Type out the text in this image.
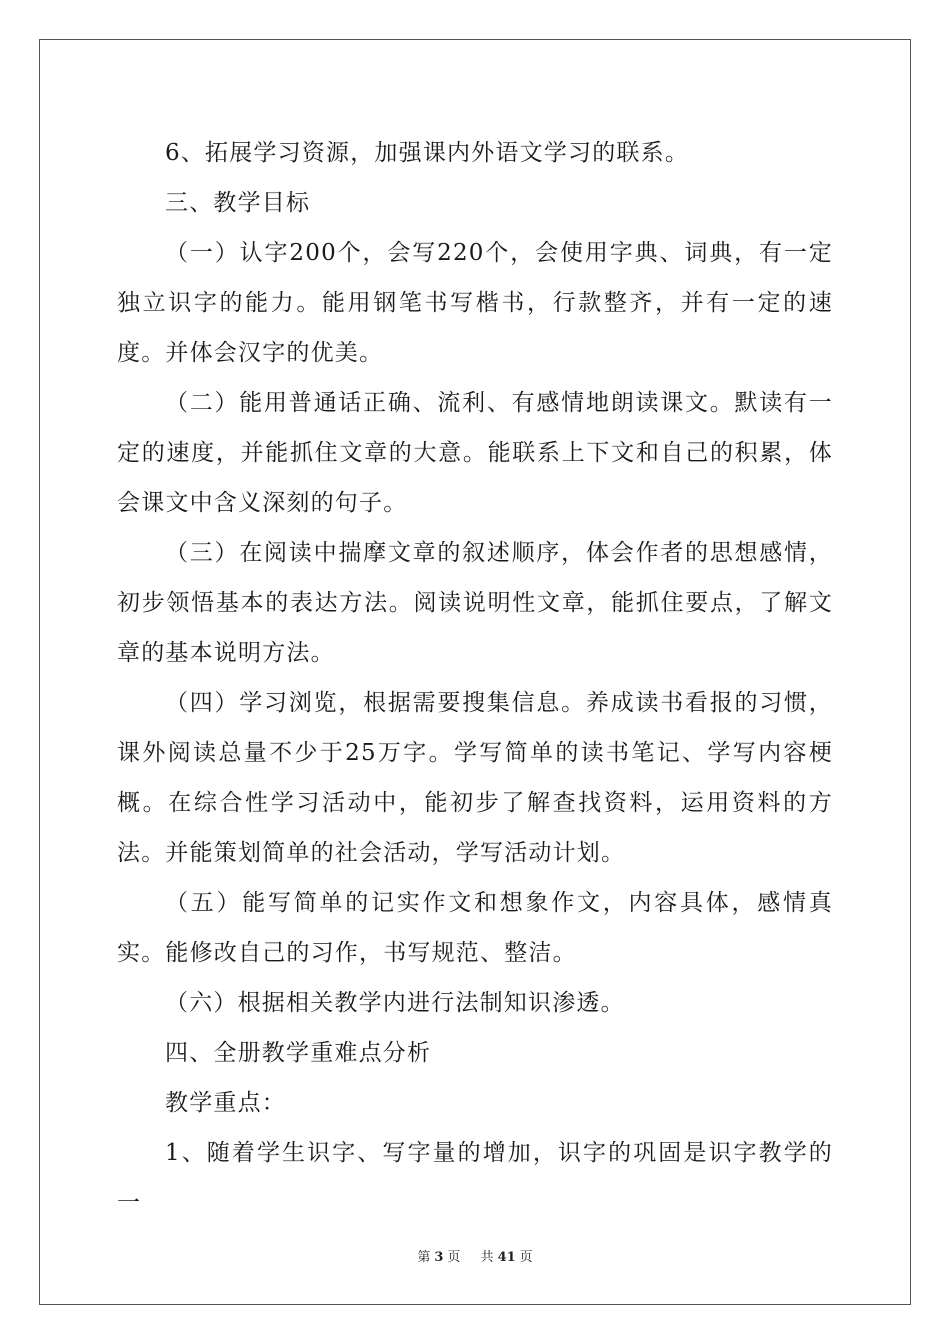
6、拓展学习资源，加强课内外语文学习的联系。

三、教学目标

（一）认字200个，会写220个，会使用字典、词典，有一定独立识字的能力。能用钢笔书写楷书，行款整齐，并有一定的速度。并体会汉字的优美。

（二）能用普通话正确、流利、有感情地朗读课文。默读有一定的速度，并能抓住文章的大意。能联系上下文和自己的积累，体会课文中含义深刻的句子。

（三）在阅读中揣摩文章的叙述顺序，体会作者的思想感情，初步领悟基本的表达方法。阅读说明性文章，能抓住要点，了解文章的基本说明方法。

（四）学习浏览，根据需要搜集信息。养成读书看报的习惯，课外阅读总量不少于25万字。学写简单的读书笔记、学写内容梗概。在综合性学习活动中，能初步了解查找资料，运用资料的方法。并能策划简单的社会活动，学写活动计划。

（五）能写简单的记实作文和想象作文，内容具体，感情真实。能修改自己的习作，书写规范、整洁。

（六）根据相关教学内进行法制知识渗透。

四、全册教学重难点分析

教学重点：

1、随着学生识字、写字量的增加，识字的巩固是识字教学的一

第 3 页 共 41 页
